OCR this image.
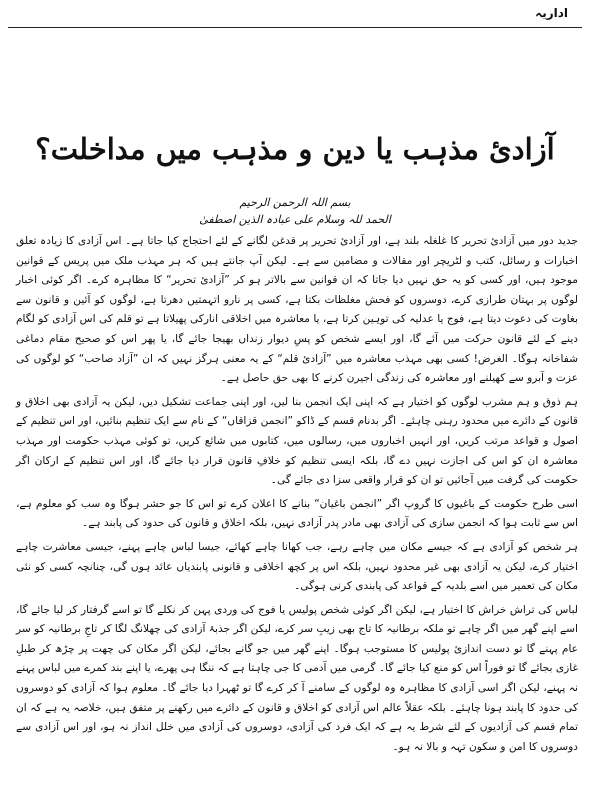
اداریہ
آزادیٔ مذہب یا دین و مذہب میں مداخلت؟
بسم اللہ الرحمن الرحیم
الحمد للہ وسلام علی عبادہ الذین اصطفیٰ

جدید دور میں آزادیٔ تحریر کا غلغلہ بلند ہے، اور آزادیٔ تحریر پر قدغن لگانے کے لئے احتجاج کیا جاتا ہے۔ اس آزادی کا زیادہ تعلق اخبارات و رسائل، کتب و لٹریچر اور مقالات و مضامین سے ہے۔ لیکن آپ جانتے ہیں کہ ہر مہذب ملک میں پریس کے قوانین موجود ہیں، اور کسی کو یہ حق نہیں دیا جاتا کہ ان قوانین سے بالاتر ہو کر ”آزادیٔ تحریر“ کا مظاہرہ کرے۔ اگر کوئی اخبار لوگوں پر بہتان طرازی کرے، دوسروں کو فحش مغلظات بکتا ہے، کسی پر نارو اتہمتیں دھرتا ہے، لوگوں کو آئین و قانون سے بغاوت کی دعوت دیتا ہے، فوج یا عدلیہ کی توہین کرتا ہے، یا معاشرہ میں اخلاقی انارکی پھیلاتا ہے تو قلم کی اس آزادی کو لگام دینے کے لئے قانون حرکت میں آئے گا، اور ایسے شخص کو پسِ دیوار زنداں بھیجا جائے گا، یا پھر اس کو صحیح مقام دماغی شفاخانہ ہوگا۔ الغرض! کسی بھی مہذب معاشرہ میں ”آزادیٔ قلم“ کے یہ معنی ہرگز نہیں کہ ان ”آزاد صاحب“ کو لوگوں کی عزت و آبرو سے کھیلنے اور معاشرہ کی زندگی اجیرن کرنے کا بھی حق حاصل ہے۔

ہم ذوق و ہم مشرب لوگوں کو اختیار ہے کہ اپنی ایک انجمن بنا لیں، اور اپنی جماعت تشکیل دیں، لیکن یہ آزادی بھی اخلاق و قانون کے دائرے میں محدود رہنی چاہئے۔ اگر بدنام قسم کے ڈاکو ”انجمن قزاقاں“ کے نام سے ایک تنظیم بنائیں، اور اس تنظیم کے اصول و قواعد مرتب کریں، اور انہیں اخباروں میں، رسالوں میں، کتابوں میں شائع کریں، تو کوئی مہذب حکومت اور مہذب معاشرہ ان کو اس کی اجازت نہیں دے گا، بلکہ ایسی تنظیم کو خلافِ قانون قرار دیا جائے گا، اور اس تنظیم کے ارکان اگر حکومت کی گرفت میں آجائیں تو ان کو قرار واقعی سزا دی جائے گی۔

اسی طرح حکومت کے باغیوں کا گروپ اگر ”انجمن باغیان“ بنانے کا اعلان کرے تو اس کا جو حشر ہوگا وہ سب کو معلوم ہے، اس سے ثابت ہوا کہ انجمن سازی کی آزادی بھی مادر پدر آزادی نہیں، بلکہ اخلاق و قانون کی حدود کی پابند ہے۔

ہر شخص کو آزادی ہے کہ جیسے مکان میں چاہے رہے، جب کھانا چاہے کھائے، جیسا لباس چاہے پہنے، جیسی معاشرت چاہے اختیار کرے، لیکن یہ آزادی بھی غیر محدود نہیں، بلکہ اس پر کچھ اخلاقی و قانونی پابندیاں عائد ہوں گی، چنانچہ کسی کو نئی مکان کی تعمیر میں اسے بلدیہ کے قواعد کی پابندی کرنی ہوگی۔

لباس کی تراش خراش کا اختیار ہے، لیکن اگر کوئی شخص پولیس یا فوج کی وردی پہن کر نکلے گا تو اسے گرفتار کر لیا جائے گا، اسے اپنے گھر میں اگر چاہے تو ملکہ برطانیہ کا تاج بھی زیبِ سر کرے، لیکن اگر جذبۂ آزادی کی چھلانگ لگا کر تاجِ برطانیہ کو سر عام پہنے گا تو دست اندازیٔ پولیس کا مستوجب ہوگا۔ اپنے گھر میں جو گانے بجائے، لیکن اگر مکان کی چھت پر چڑھ کر طبلِ غازی بجائے گا تو فوراً اس کو منع کیا جائے گا۔ گرمی میں آدمی کا جی چاہتا ہے کہ ننگا ہی پھرے، یا اپنے بند کمرے میں لباس پہنے نہ پہنے، لیکن اگر اسی آزادی کا مظاہرہ وہ لوگوں کے سامنے آ کر کرے گا تو ٹھہرا دیا جائے گا۔ معلوم ہوا کہ آزادی کو دوسروں کی حدود کا پابند ہونا چاہئے۔ بلکہ عقلاً عالم اس آزادی کو اخلاق و قانون کے دائرے میں رکھنے پر متفق ہیں، خلاصہ یہ ہے کہ ان تمام قسم کی آزادیوں کے لئے شرط یہ ہے کہ ایک فرد کی آزادی، دوسروں کی آزادی میں خلل انداز نہ ہو، اور اس آزادی سے دوسروں کا امن و سکون تہہ و بالا نہ ہو۔
